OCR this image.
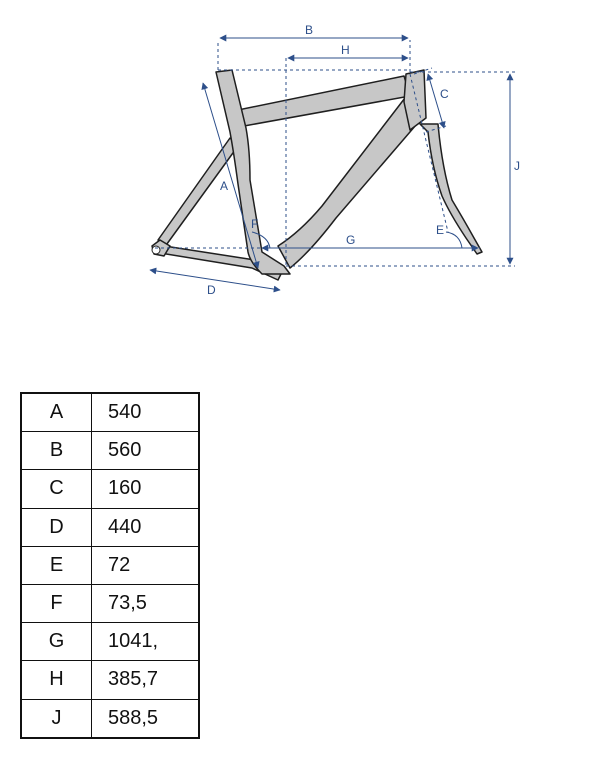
B
H
C
J
A
F
G
E
D
A	540
B	560
C	160
D	440
E	72
F	73,5
G	1041,
H	385,7
J	588,5
